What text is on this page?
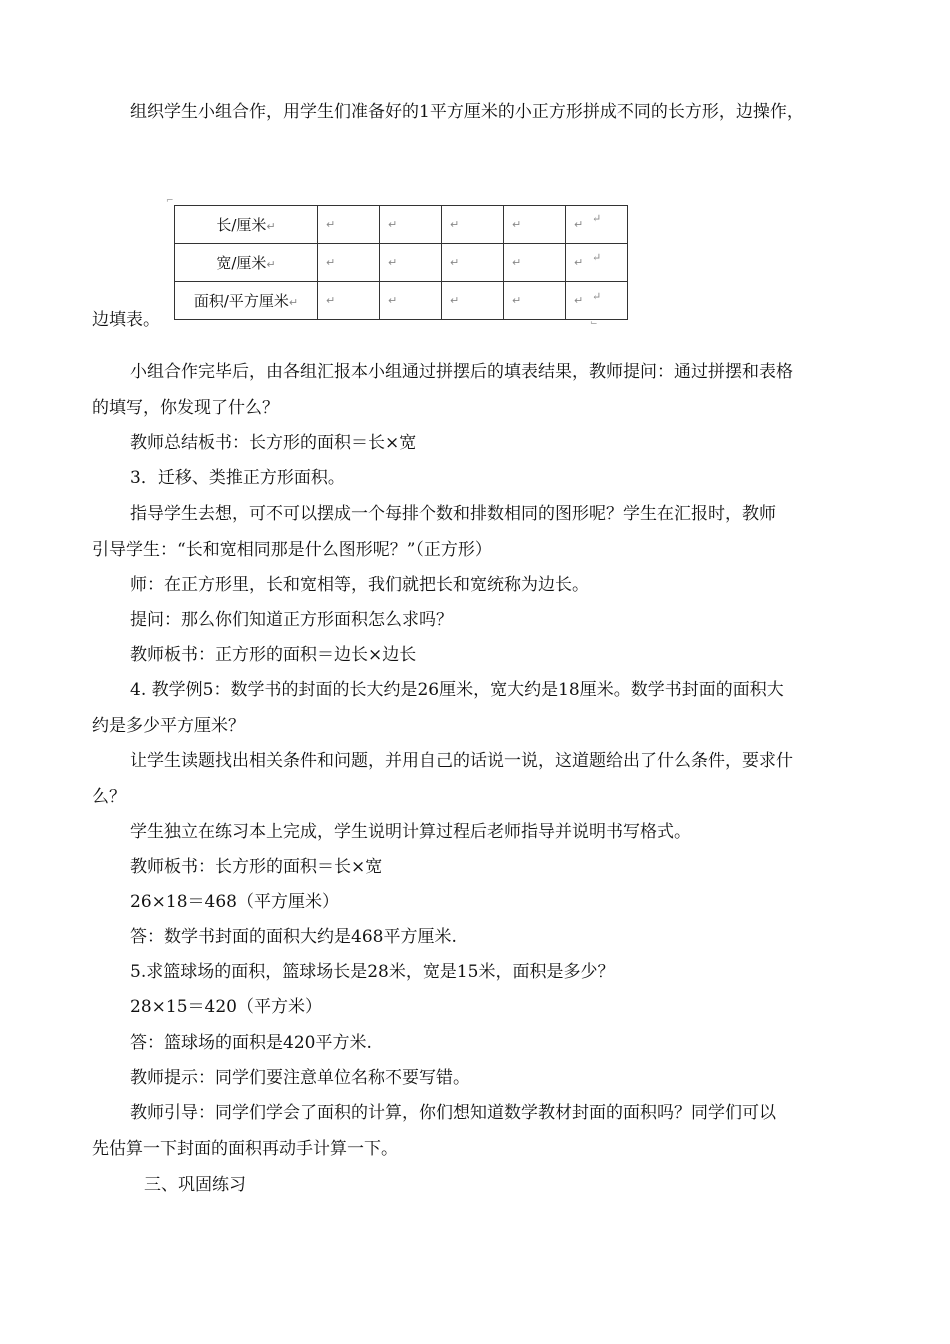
组织学生小组合作，用学生们准备好的1平方厘米的小正方形拼成不同的长方形，边操作，
⌐
长/厘米↵	↵	↵	↵	↵	↵
宽/厘米↵	↵	↵	↵	↵	↵
面积/平方厘米↵	↵	↵	↵	↵	↵
↵
↵
↵
⌙
边填表。
小组合作完毕后，由各组汇报本小组通过拼摆后的填表结果，教师提问：通过拼摆和表格
的填写，你发现了什么？
教师总结板书：长方形的面积＝长×宽
3．迁移、类推正方形面积。
指导学生去想，可不可以摆成一个每排个数和排数相同的图形呢？学生在汇报时，教师
引导学生：“长和宽相同那是什么图形呢？”（正方形）
师：在正方形里，长和宽相等，我们就把长和宽统称为边长。
提问：那么你们知道正方形面积怎么求吗？
教师板书：正方形的面积＝边长×边长
4. 教学例5：数学书的封面的长大约是26厘米，宽大约是18厘米。数学书封面的面积大
约是多少平方厘米？
让学生读题找出相关条件和问题，并用自己的话说一说，这道题给出了什么条件，要求什
么？
学生独立在练习本上完成，学生说明计算过程后老师指导并说明书写格式。
教师板书：长方形的面积＝长×宽
26×18＝468（平方厘米）
答：数学书封面的面积大约是468平方厘米.
5.求篮球场的面积，篮球场长是28米，宽是15米，面积是多少？
28×15＝420（平方米）
答：篮球场的面积是420平方米.
教师提示：同学们要注意单位名称不要写错。
教师引导：同学们学会了面积的计算，你们想知道数学教材封面的面积吗？同学们可以
先估算一下封面的面积再动手计算一下。
三、巩固练习
